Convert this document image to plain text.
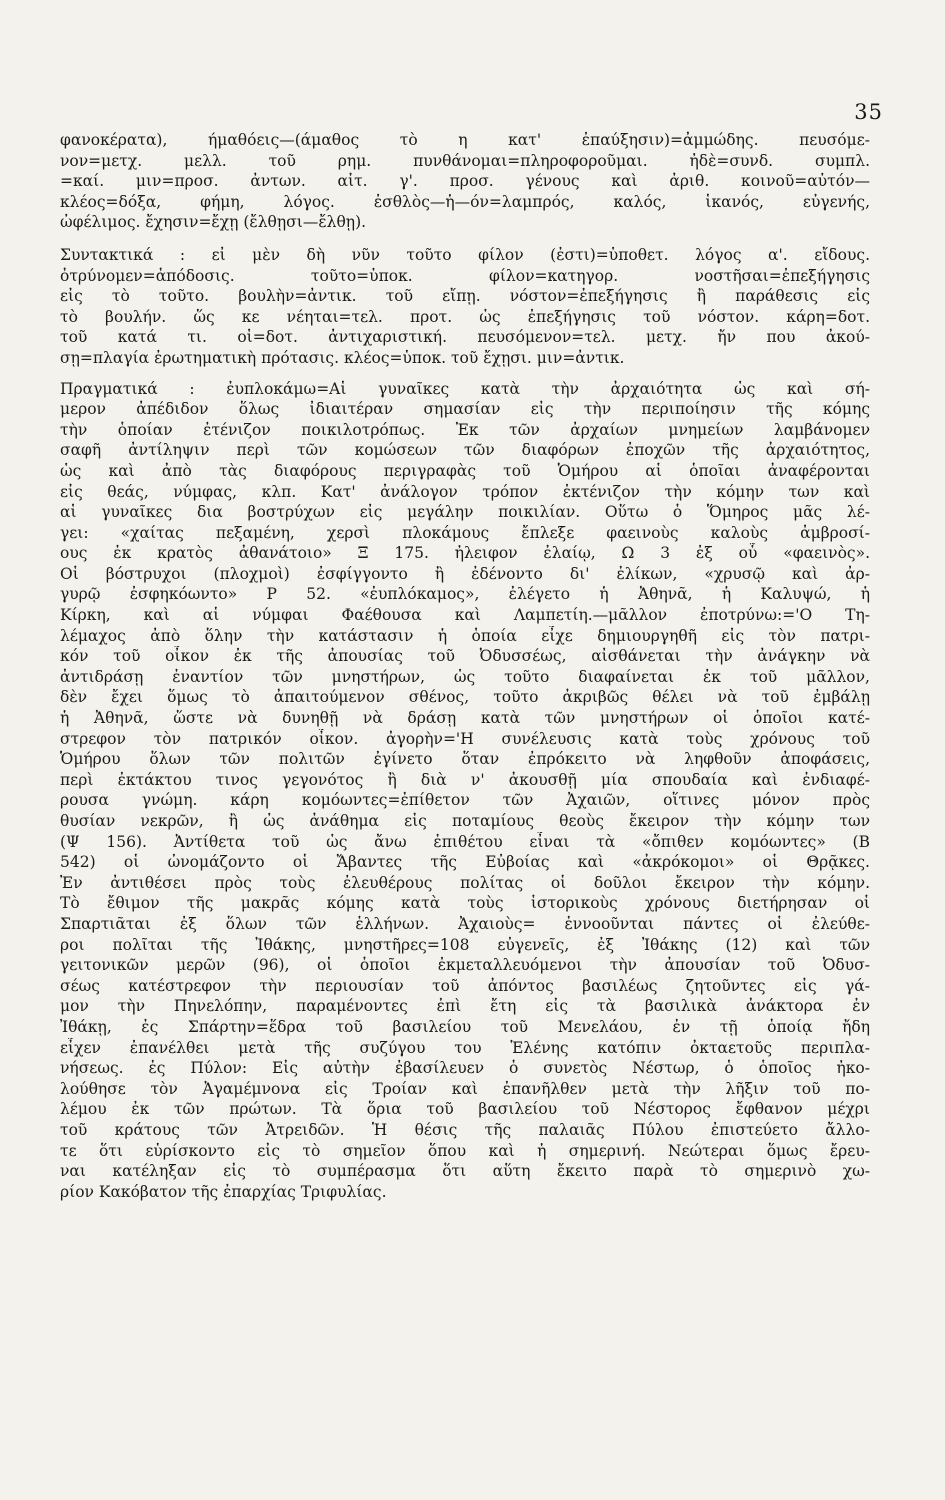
35
φανοκέρατα), ήμαθόεις—(άμαθος τὸ η κατ' ἐπαύξησιν)=ἀμμώδης. πευσόμε-
νον=μετχ. μελλ. τοῦ ρημ. πυνθάνομαι=πληροφοροῦμαι. ἠδὲ=συνδ. συμπλ.
=καί. μιν=προσ. ἀντων. αἰτ. γ'. προσ. γένους καὶ ἀριθ. κοινοῦ=αὐτόν—
κλέος=δόξα, φήμη, λόγος. ἐσθλὸς—ἡ—όν=λαμπρός, καλός, ἱκανός, εὐγενής,
ὠφέλιμος. ἔχησιν=ἔχῃ (ἔλθῃσι—ἔλθῃ).
Συντακτικά : εἰ μὲν δὴ νῦν τοῦτο φίλον (ἐστι)=ὑποθετ. λόγος α'. εἴδους.
ὀτρύνομεν=ἀπόδοσις. τοῦτο=ὑποκ. φίλον=κατηγορ. νοστῆσαι=ἐπεξήγησις
εἰς τὸ τοῦτο. βουλὴν=ἀντικ. τοῦ εἴπῃ. νόστον=ἐπεξήγησις ἢ παράθεσις εἰς
τὸ βουλήν. ὥς κε νέηται=τελ. προτ. ὡς ἐπεξήγησις τοῦ νόστον. κάρη=δοτ.
τοῦ κατά τι. οἱ=δοτ. ἀντιχαριστική. πευσόμενον=τελ. μετχ. ἤν που ἀκού-
σῃ=πλαγία ἐρωτηματικὴ πρότασις. κλέος=ὑποκ. τοῦ ἔχῃσι. μιν=ἀντικ.
Πραγματικά : ἐυπλοκάμω=Αἱ γυναῖκες κατὰ τὴν ἀρχαιότητα ὡς καὶ σή-
μερον ἀπέδιδον ὅλως ἰδιαιτέραν σημασίαν εἰς τὴν περιποίησιν τῆς κόμης
τὴν ὁποίαν ἐτένιζον ποικιλοτρόπως. Ἐκ τῶν ἀρχαίων μνημείων λαμβάνομεν
σαφῆ ἀντίληψιν περὶ τῶν κομώσεων τῶν διαφόρων ἐποχῶν τῆς ἀρχαιότητος,
ὡς καὶ ἀπὸ τὰς διαφόρους περιγραφὰς τοῦ Ὁμήρου αἱ ὁποῖαι ἀναφέρονται
εἰς θεάς, νύμφας, κλπ. Κατ' ἀνάλογον τρόπον ἐκτένιζον τὴν κόμην των καὶ
αἱ γυναῖκες δια βοστρύχων εἰς μεγάλην ποικιλίαν. Οὕτω ὁ Ὅμηρος μᾶς λέ-
γει: «χαίτας πεξαμένη, χερσὶ πλοκάμους ἔπλεξε φαεινοὺς καλοὺς ἀμβροσί-
ους ἐκ κρατὸς ἀθανάτοιο» Ξ 175. ἠλειφον ἐλαίῳ, Ω 3 ἐξ οὗ «φαεινὸς».
Οἱ βόστρυχοι (πλοχμοὶ) ἐσφίγγοντο ἢ ἐδένοντο δι' ἐλίκων, «χρυσῷ καὶ ἀρ-
γυρῷ ἐσφηκόωντο» Ρ 52. «ἐυπλόκαμος», ἐλέγετο ἡ Ἀθηνᾶ, ἡ Καλυψώ, ἡ
Κίρκη, καὶ αἱ νύμφαι Φαέθουσα καὶ Λαμπετίη.—μᾶλλον ἐποτρύνω:='Ο Τη-
λέμαχος ἀπὸ ὅλην τὴν κατάστασιν ἡ ὁποία εἶχε δημιουργηθῆ εἰς τὸν πατρι-
κόν τοῦ οἶκον ἐκ τῆς ἀπουσίας τοῦ Ὀδυσσέως, αἰσθάνεται τὴν ἀνάγκην νὰ
ἀντιδράσῃ ἐναντίον τῶν μνηστήρων, ὡς τοῦτο διαφαίνεται ἐκ τοῦ μᾶλλον,
δὲν ἔχει ὅμως τὸ ἀπαιτούμενον σθένος, τοῦτο ἀκριβῶς θέλει νὰ τοῦ ἐμβάλῃ
ἡ Ἀθηνᾶ, ὥστε νὰ δυνηθῇ νὰ δράσῃ κατὰ τῶν μνηστήρων οἱ ὁποῖοι κατέ-
στρεφον τὸν πατρικόν οἶκον. ἀγορὴν='Η συνέλευσις κατὰ τοὺς χρόνους τοῦ
Ὁμήρου ὅλων τῶν πολιτῶν ἐγίνετο ὅταν ἐπρόκειτο νὰ ληφθοῦν ἀποφάσεις,
περὶ ἐκτάκτου τινος γεγονότος ἢ διὰ ν' ἀκουσθῇ μία σπουδαία καὶ ἐνδιαφέ-
ρουσα γνώμη. κάρη κομόωντες=ἐπίθετον τῶν Ἀχαιῶν, οἵτινες μόνον πρὸς
θυσίαν νεκρῶν, ἢ ὡς ἀνάθημα εἰς ποταμίους θεοὺς ἔκειρον τὴν κόμην των
(Ψ 156). Ἀντίθετα τοῦ ὡς ἄνω ἐπιθέτου εἶναι τὰ «ὄπιθεν κομόωντες» (Β
542) οἱ ὠνομάζοντο οἱ Ἄβαντες τῆς Εὐβοίας καὶ «ἀκρόκομοι» οἱ Θρᾷκες.
Ἐν ἀντιθέσει πρὸς τοὺς ἐλευθέρους πολίτας οἱ δοῦλοι ἔκειρον τὴν κόμην.
Τὸ ἔθιμον τῆς μακρᾶς κόμης κατὰ τοὺς ἱστορικοὺς χρόνους διετήρησαν οἱ
Σπαρτιᾶται ἐξ ὅλων τῶν ἑλλήνων. Ἀχαιοὺς= ἐννοοῦνται πάντες οἱ ἐλεύθε-
ροι πολῖται τῆς Ἰθάκης, μνηστῆρες=108 εὐγενεῖς, ἐξ Ἰθάκης (12) καὶ τῶν
γειτονικῶν μερῶν (96), οἱ ὁποῖοι ἐκμεταλλευόμενοι τὴν ἀπουσίαν τοῦ Ὀδυσ-
σέως κατέστρεφον τὴν περιουσίαν τοῦ ἀπόντος βασιλέως ζητοῦντες εἰς γά-
μον τὴν Πηνελόπην, παραμένοντες ἐπὶ ἔτη εἰς τὰ βασιλικὰ ἀνάκτορα ἐν
Ἰθάκῃ, ἐς Σπάρτην=ἕδρα τοῦ βασιλείου τοῦ Μενελάου, ἐν τῇ ὁποίᾳ ἤδη
εἶχεν ἐπανέλθει μετὰ τῆς συζύγου του Ἑλένης κατόπιν ὀκταετοῦς περιπλα-
νήσεως. ἐς Πύλον: Εἰς αὐτὴν ἐβασίλευεν ὁ συνετὸς Νέστωρ, ὁ ὁποῖος ἠκο-
λούθησε τὸν Ἀγαμέμνονα εἰς Τροίαν καὶ ἐπανῆλθεν μετὰ τὴν λῆξιν τοῦ πο-
λέμου ἐκ τῶν πρώτων. Τὰ ὅρια τοῦ βασιλείου τοῦ Νέστορος ἔφθανον μέχρι
τοῦ κράτους τῶν Ἀτρειδῶν. Ἡ θέσις τῆς παλαιᾶς Πύλου ἐπιστεύετο ἄλλο-
τε ὅτι εὑρίσκοντο εἰς τὸ σημεῖον ὅπου καὶ ἡ σημερινή. Νεώτεραι ὅμως ἔρευ-
ναι κατέληξαν εἰς τὸ συμπέρασμα ὅτι αὕτη ἔκειτο παρὰ τὸ σημερινὸ χω-
ρίον Κακόβατον τῆς ἐπαρχίας Τριφυλίας.
